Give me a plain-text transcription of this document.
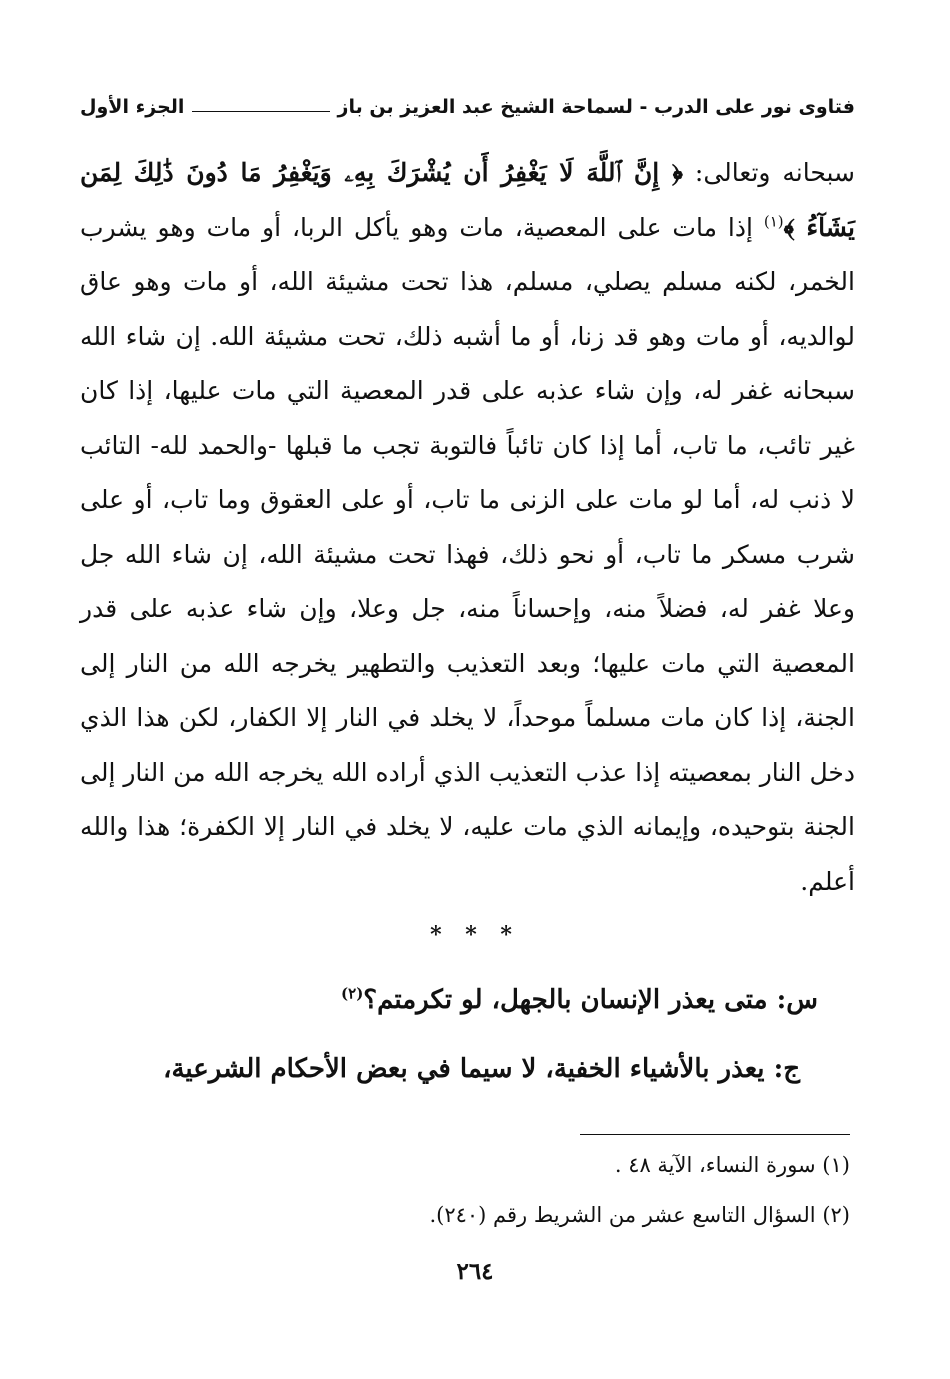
فتاوى نور على الدرب - لسماحة الشيخ عبد العزيز بن باز
الجزء الأول

سبحانه وتعالى: ﴿ إِنَّ ٱللَّهَ لَا يَغْفِرُ أَن يُشْرَكَ بِهِۦ وَيَغْفِرُ مَا دُونَ ذَٰلِكَ لِمَن يَشَآءُ ﴾$^{(١)}$ إذا مات على المعصية، مات وهو يأكل الربا، أو مات وهو يشرب الخمر، لكنه مسلم يصلي، مسلم، هذا تحت مشيئة الله، أو مات وهو عاق لوالديه، أو مات وهو قد زنا، أو ما أشبه ذلك، تحت مشيئة الله. إن شاء الله سبحانه غفر له، وإن شاء عذبه على قدر المعصية التي مات عليها، إذا كان غير تائب، ما تاب، أما إذا كان تائباً فالتوبة تجب ما قبلها -والحمد لله- التائب لا ذنب له، أما لو مات على الزنى ما تاب، أو على العقوق وما تاب، أو على شرب مسكر ما تاب، أو نحو ذلك، فهذا تحت مشيئة الله، إن شاء الله جل وعلا غفر له، فضلاً منه، وإحساناً منه، جل وعلا، وإن شاء عذبه على قدر المعصية التي مات عليها؛ وبعد التعذيب والتطهير يخرجه الله من النار إلى الجنة، إذا كان مات مسلماً موحداً، لا يخلد في النار إلا الكفار، لكن هذا الذي دخل النار بمعصيته إذا عذب التعذيب الذي أراده الله يخرجه الله من النار إلى الجنة بتوحيده، وإيمانه الذي مات عليه، لا يخلد في النار إلا الكفرة؛ هذا والله أعلم.

* * *

س: متى يعذر الإنسان بالجهل، لو تكرمتم؟$^{(٢)}$

ج: يعذر بالأشياء الخفية، لا سيما في بعض الأحكام الشرعية،

(١) سورة النساء، الآية ٤٨ .
(٢) السؤال التاسع عشر من الشريط رقم (٢٤٠).
٢٦٤
